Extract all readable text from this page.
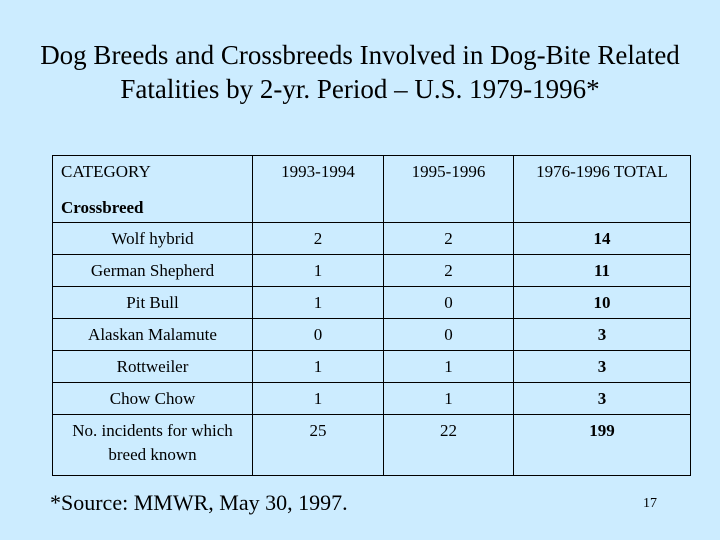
Dog Breeds and Crossbreeds Involved in Dog-Bite Related Fatalities by 2-yr. Period – U.S. 1979-1996*
CATEGORY	1993-1994	1995-1996	1976-1996 TOTAL
Crossbreed			
Wolf hybrid	2	2	14
German Shepherd	1	2	11
Pit Bull	1	0	10
Alaskan Malamute	0	0	3
Rottweiler	1	1	3
Chow Chow	1	1	3
No. incidents for which breed known	25	22	199
*Source: MMWR, May 30, 1997.	17
